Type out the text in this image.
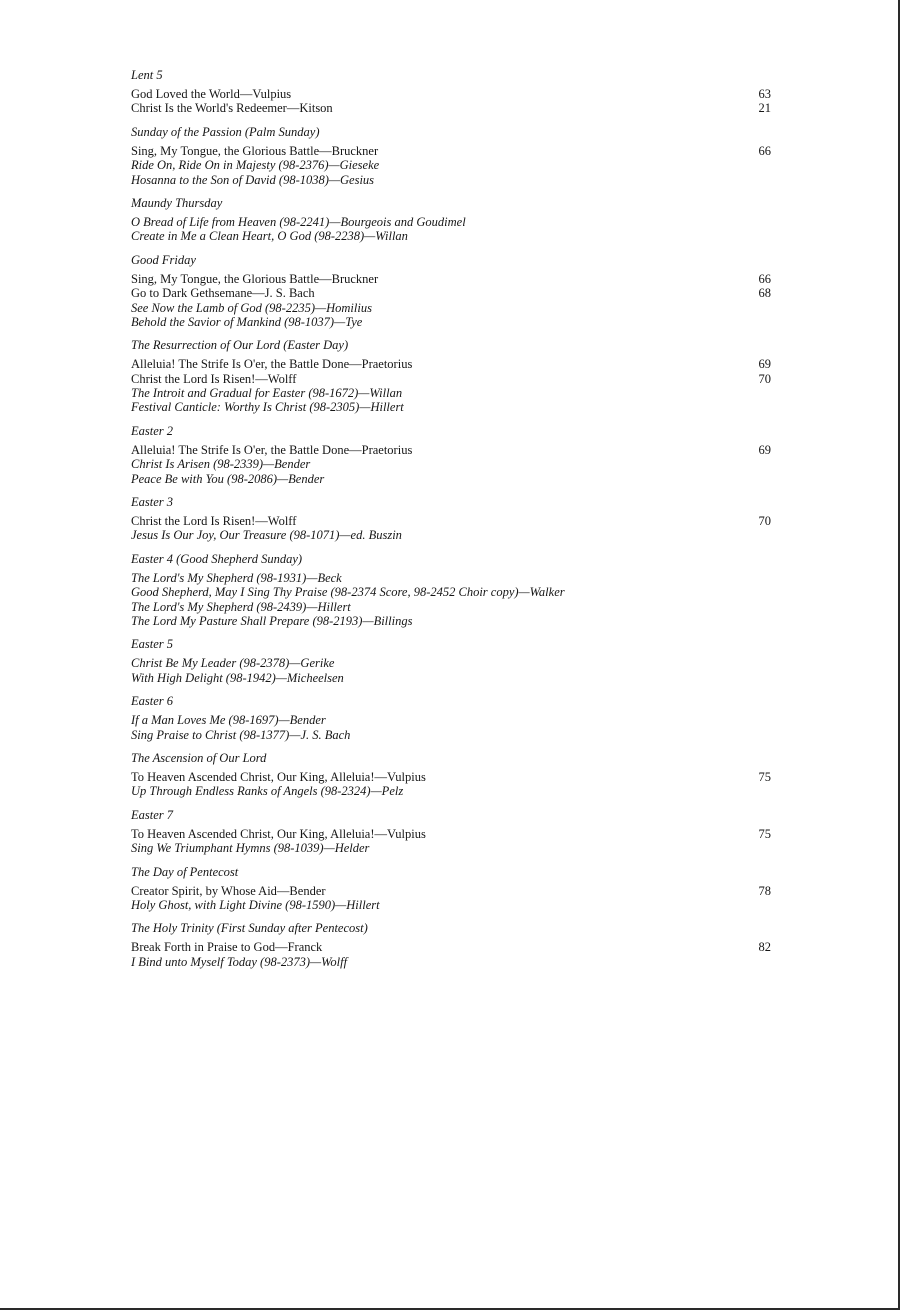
Lent 5
God Loved the World—Vulpius	63
Christ Is the World's Redeemer—Kitson	21
Sunday of the Passion (Palm Sunday)
Sing, My Tongue, the Glorious Battle—Bruckner	66
Ride On, Ride On in Majesty (98-2376)—Gieseke
Hosanna to the Son of David (98-1038)—Gesius
Maundy Thursday
O Bread of Life from Heaven (98-2241)—Bourgeois and Goudimel
Create in Me a Clean Heart, O God (98-2238)—Willan
Good Friday
Sing, My Tongue, the Glorious Battle—Bruckner	66
Go to Dark Gethsemane—J. S. Bach	68
See Now the Lamb of God (98-2235)—Homilius
Behold the Savior of Mankind (98-1037)—Tye
The Resurrection of Our Lord (Easter Day)
Alleluia! The Strife Is O'er, the Battle Done—Praetorius	69
Christ the Lord Is Risen!—Wolff	70
The Introit and Gradual for Easter (98-1672)—Willan
Festival Canticle: Worthy Is Christ (98-2305)—Hillert
Easter 2
Alleluia! The Strife Is O'er, the Battle Done—Praetorius	69
Christ Is Arisen (98-2339)—Bender
Peace Be with You (98-2086)—Bender
Easter 3
Christ the Lord Is Risen!—Wolff	70
Jesus Is Our Joy, Our Treasure (98-1071)—ed. Buszin
Easter 4 (Good Shepherd Sunday)
The Lord's My Shepherd (98-1931)—Beck
Good Shepherd, May I Sing Thy Praise (98-2374 Score, 98-2452 Choir copy)—Walker
The Lord's My Shepherd (98-2439)—Hillert
The Lord My Pasture Shall Prepare (98-2193)—Billings
Easter 5
Christ Be My Leader (98-2378)—Gerike
With High Delight (98-1942)—Micheelsen
Easter 6
If a Man Loves Me (98-1697)—Bender
Sing Praise to Christ (98-1377)—J. S. Bach
The Ascension of Our Lord
To Heaven Ascended Christ, Our King, Alleluia!—Vulpius	75
Up Through Endless Ranks of Angels (98-2324)—Pelz
Easter 7
To Heaven Ascended Christ, Our King, Alleluia!—Vulpius	75
Sing We Triumphant Hymns (98-1039)—Helder
The Day of Pentecost
Creator Spirit, by Whose Aid—Bender	78
Holy Ghost, with Light Divine (98-1590)—Hillert
The Holy Trinity (First Sunday after Pentecost)
Break Forth in Praise to God—Franck	82
I Bind unto Myself Today (98-2373)—Wolff
